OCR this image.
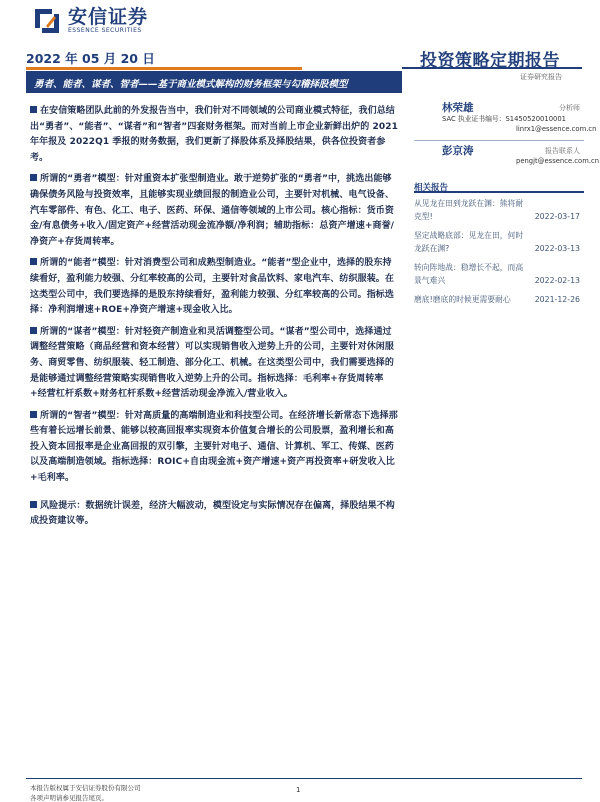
安信证券
ESSENCE SECURITIES
2022 年 05 月 20 日	投资策略定期报告
证券研究报告
勇者、能者、谋者、智者——基于商业模式解构的财务框架与勾稽择股模型

在安信策略团队此前的外发报告当中，我们针对不同领域的公司商业模式特征，我们总结出“勇者”、“能者”、“谋者”和“智者”四套财务框架。而对当前上市企业新鲜出炉的 2021 年年报及 2022Q1 季报的财务数据，我们更新了择股体系及择股结果，供各位投资者参考。

所谓的“勇者”模型：针对重资本扩张型制造业。敢于逆势扩张的“勇者”中，挑选出能够确保债务风险与投资效率，且能够实现业绩回报的制造业公司，主要针对机械、电气设备、汽车零部件、有色、化工、电子、医药、环保、通信等领域的上市公司。核心指标：货币资金/有息债务+收入/固定资产+经营活动现金流净额/净利润；辅助指标：总资产增速+商誉/净资产+存货周转率。

所谓的“能者”模型：针对消费型公司和成熟型制造业。“能者”型企业中，选择的股东持续看好，盈利能力较强、分红率较高的公司，主要针对食品饮料、家电汽车、纺织服装。在这类型公司中，我们要选择的是股东持续看好，盈利能力较强、分红率较高的公司。指标选择：净利润增速+ROE+净资产增速+现金收入比。

所谓的“谋者”模型：针对轻资产制造业和灵活调整型公司。“谋者”型公司中，选择通过调整经营策略（商品经营和资本经营）可以实现销售收入逆势上升的公司，主要针对休闲服务、商贸零售、纺织服装、轻工制造、部分化工、机械。在这类型公司中，我们需要选择的是能够通过调整经营策略实现销售收入逆势上升的公司。指标选择：毛利率+存货周转率+经营杠杆系数+财务杠杆系数+经营活动现金净流入/营业收入。

所谓的“智者”模型：针对高质量的高端制造业和科技型公司。在经济增长新常态下选择那些有着长远增长前景、能够以较高回报率实现资本价值复合增长的公司股票，盈利增长和高投入资本回报率是企业高回报的双引擎，主要针对电子、通信、计算机、军工、传媒、医药以及高端制造领域。指标选择：ROIC+自由现金流+资产增速+资产再投资率+研发收入比+毛利率。

风险提示：数据统计误差，经济大幅波动，模型设定与实际情况存在偏离，择股结果不构成投资建议等。

林荣雄	分析师
SAC 执业证书编号：S1450520010001
linrx1@essence.com.cn
彭京涛	报告联系人
pengjt@essence.com.cn
相关报告
从见龙在田到龙跃在渊：熊将耐克型!	2022-03-17
坚定战略底部：见龙在田，何时龙跃在渊?	2022-03-13
转向阵地战：稳增长不起，而高景气难兴	2022-02-13
磨底!磨底的时候更需要耐心	2021-12-26
本报告版权属于安信证券股份有限公司
各项声明请参见报告尾页。
1
